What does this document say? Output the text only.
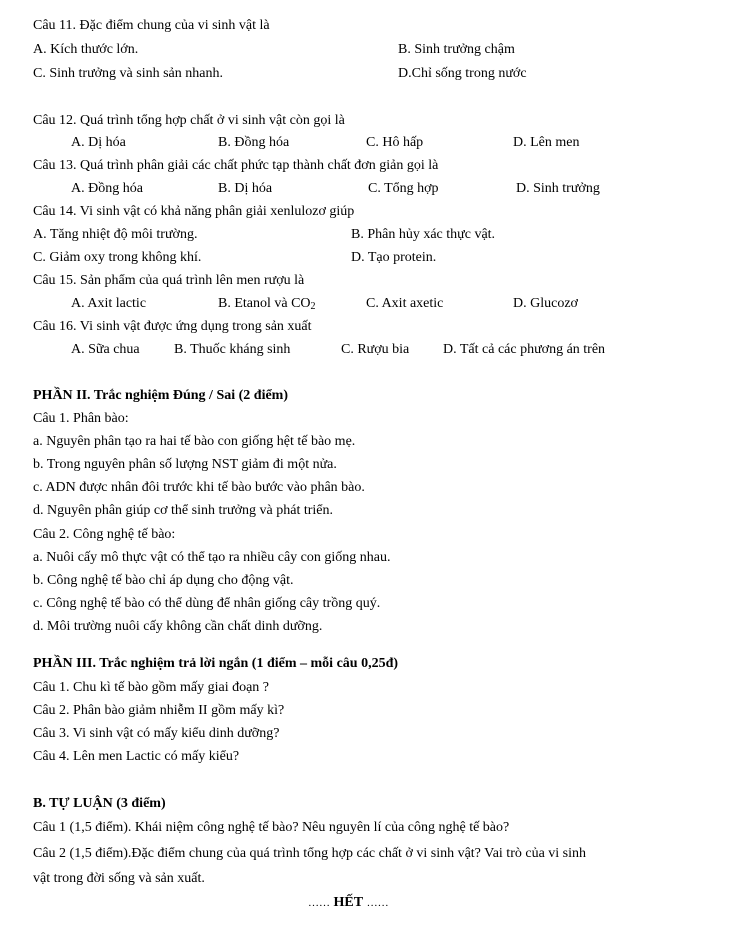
Câu 11. Đặc điểm chung của vi sinh vật là
A. Kích thước lớn.	B. Sinh trưởng chậm
C. Sinh trưởng và sinh sản nhanh.	D.Chỉ sống trong nước
Câu 12. Quá trình tổng hợp chất ở vi sinh vật còn gọi là
A. Dị hóa	B. Đồng hóa	C. Hô hấp	D. Lên men
Câu 13. Quá trình phân giải các chất phức tạp thành chất đơn giản gọi là
A. Đồng hóa	B. Dị hóa	C. Tổng hợp	D. Sinh trưởng
Câu 14. Vi sinh vật có khả năng phân giải xenlulozơ giúp
A. Tăng nhiệt độ môi trường.	B. Phân hủy xác thực vật.
C. Giảm oxy trong không khí.	D. Tạo protein.
Câu 15. Sản phẩm của quá trình lên men rượu là
A. Axit lactic	B. Etanol và $CO_2$	C. Axit axetic	D. Glucozơ
Câu 16. Vi sinh vật được ứng dụng trong sản xuất
A. Sữa chua B. Thuốc kháng sinh	C. Rượu bia D. Tất cả các phương án trên
PHẦN II. Trắc nghiệm Đúng / Sai (2 điểm)
Câu 1. Phân bào:
a. Nguyên phân tạo ra hai tế bào con giống hệt tế bào mẹ.
b. Trong nguyên phân số lượng NST giảm đi một nửa.
c. ADN được nhân đôi trước khi tế bào bước vào phân bào.
d. Nguyên phân giúp cơ thể sinh trưởng và phát triển.
Câu 2. Công nghệ tế bào:
a. Nuôi cấy mô thực vật có thể tạo ra nhiều cây con giống nhau.
b. Công nghệ tế bào chỉ áp dụng cho động vật.
c. Công nghệ tế bào có thể dùng để nhân giống cây trồng quý.
d. Môi trường nuôi cấy không cần chất dinh dưỡng.
PHẦN III. Trắc nghiệm trả lời ngắn (1 điểm – mỗi câu 0,25đ)
Câu 1. Chu kì tế bào gồm mấy giai đoạn ?
Câu 2. Phân bào giảm nhiễm II gồm mấy kì?
Câu 3. Vi sinh vật có mấy kiểu dinh dưỡng?
Câu 4. Lên men Lactic có mấy kiểu?
B. TỰ LUẬN (3 điểm)
Câu 1 (1,5 điểm). Khái niệm công nghệ tế bào? Nêu nguyên lí của công nghệ tế bào?
Câu 2 (1,5 điểm).Đặc điểm chung của quá trình tổng hợp các chất ở vi sinh vật? Vai trò của vi sinh
vật trong đời sống và sản xuất.
…… HẾT ……
